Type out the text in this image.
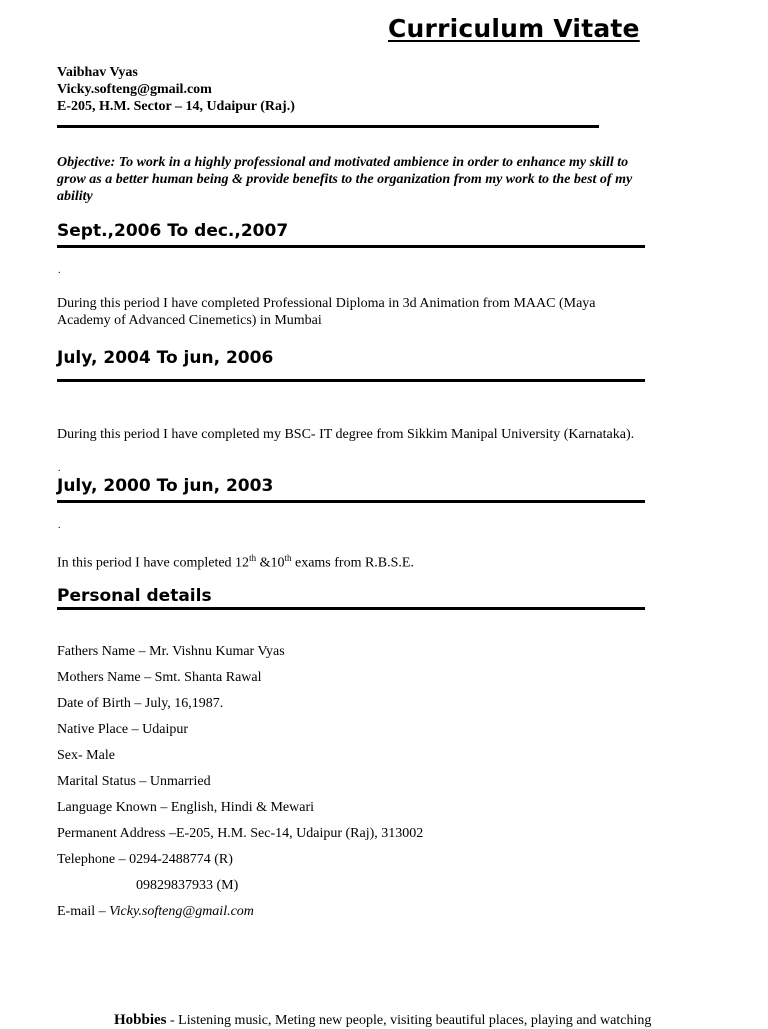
Curriculum Vitate
Vaibhav Vyas
Vicky.softeng@gmail.com
E-205, H.M. Sector – 14, Udaipur (Raj.)
Objective: To work in a highly professional and motivated ambience in order to enhance my skill to grow as a better human being & provide benefits to the organization from my work to the best of my ability
Sept.,2006 To dec.,2007
.
During this period I have completed Professional Diploma in 3d Animation from MAAC (Maya Academy of Advanced Cinemetics) in Mumbai
July, 2004 To jun, 2006
During this period I have completed my BSC- IT degree from Sikkim Manipal University (Karnataka).
.
July, 2000 To jun, 2003
.
In this period I have completed 12th &10th exams from R.B.S.E.
Personal details
Fathers Name – Mr. Vishnu Kumar Vyas
Mothers Name – Smt. Shanta Rawal
Date of Birth – July, 16,1987.
Native Place – Udaipur
Sex- Male
Marital Status – Unmarried
Language Known – English, Hindi & Mewari
Permanent Address –E-205, H.M. Sec-14, Udaipur (Raj), 313002
Telephone – 0294-2488774 (R)
09829837933 (M)
E-mail – Vicky.softeng@gmail.com
Hobbies - Listening music, Meting new people, visiting beautiful places, playing and watching
